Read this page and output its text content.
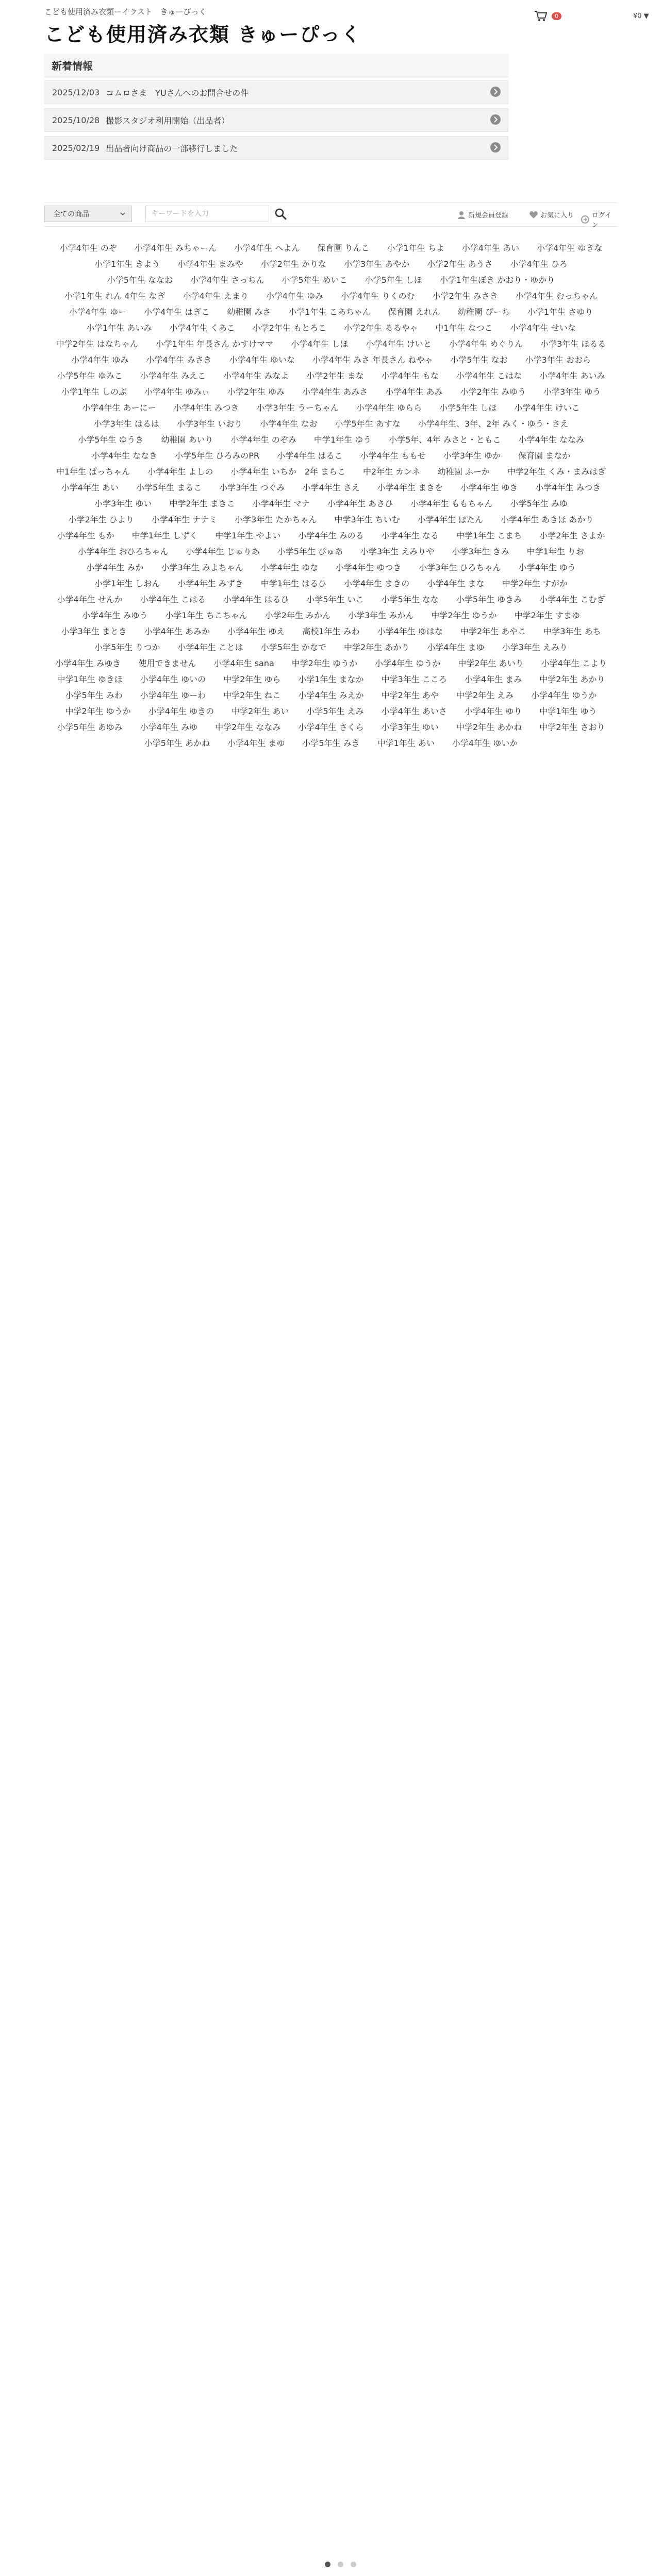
こども使用済み衣類ーイラスト　きゅーびっく
こども使用済み衣類 きゅーぴっく
0	¥0 ▼
新着情報
2025/12/03 コムロさま　YUさんへのお問合せの件
2025/10/28 撮影スタジオ利用開始（出品者）
2025/02/19 出品者向け商品の一部移行しました
全ての商品
キーワードを入力	新規会員登録	お気に入り	ログイン
小学4年生 のぞ	小学4年生 みちゃーん	小学4年生 へよん	保育園 りんこ	小学1年生 ちよ	小学4年生 あい	小学4年生 ゆきな
小学1年生 きよう	小学4年生 まみや	小学2年生 かりな	小学3年生 あやか	小学2年生 あうさ	小学4年生 ひろ
小学5年生 ななお	小学4年生 さっちん	小学5年生 めいこ	小学5年生 しほ	小学1年生ぼき かおり・ゆかり
小学1年生 れん 4年生 なぎ	小学4年生 えまり	小学4年生 ゆみ	小学4年生 りくのむ	小学2年生 みさき	小学4年生 むっちゃん
小学4年生 ゆー	小学4年生 はぎこ	幼稚園 みさ	小学1年生 こあちゃん	保育園 えれん	幼稚園 ぴーち	小学1年生 さゆり
小学1年生 あいみ	小学4年生 くあこ	小学2年生 もとろこ	小学2年生 るるやゃ	中1年生 なつこ	小学4年生 せいな
中学2年生 はなちゃん	小学1年生 年長さん かすけママ	小学4年生 しほ	小学4年生 けいと	小学4年生 めぐりん	小学3年生 ほるる
小学4年生 ゆみ	小学4年生 みさき	小学4年生 ゆいな	小学4年生 みさ 年長さん ねやゃ	小学5年生 なお	小学3年生 おおら
小学5年生 ゆみこ	小学4年生 みえこ	小学4年生 みなよ	小学2年生 まな	小学4年生 もな	小学4年生 こはな	小学4年生 あいみ
小学1年生 しのぶ	小学4年生 ゆみぃ	小学2年生 ゆみ	小学4年生 あみさ	小学4年生 あみ	小学2年生 みゆう	小学3年生 ゆう
小学4年生 あーにー	小学4年生 みつき	小学3年生 うーちゃん	小学4年生 ゆらら	小学5年生 しほ	小学4年生 けいこ
小学3年生 はるは	小学3年生 いおり	小学4年生 なお	小学5年生 あすな	小学4年生、3年、2年 みく・ゆう・さえ
小学5年生 ゆうき	幼稚園 あいり	小学4年生 のぞみ	中学1年生 ゆう	小学5年、4年 みさと・ともこ	小学4年生 ななみ
小学4年生 ななき	小学5年生 ひろみのPR	小学4年生 はるこ	小学4年生 ももせ	小学3年生 ゆか	保育園 まなか
中1年生 ぱっちゃん	小学4年生 よしの	小学4年生 いちか　2年 まらこ	中2年生 カンネ	幼稚園 ふーか	中学2年生 くみ・まみはぎ
小学4年生 あい	小学5年生 まるこ	小学3年生 つぐみ	小学4年生 さえ	小学4年生 まきを	小学4年生 ゆき	小学4年生 みつき
小学3年生 ゆい	中学2年生 まきこ	小学4年生 マナ	小学4年生 あさひ	小学4年生 ももちゃん	小学5年生 みゆ
小学2年生 ひより	小学4年生 ナナミ	小学3年生 たかちゃん	中学3年生 ちいむ	小学4年生 ぽたん	小学4年生 あきほ あかり
小学4年生 もか	中学1年生 しずく	中学1年生 やよい	小学4年生 みのる	小学4年生 なる	中学1年生 こまち	小学2年生 さよか
小学4年生 おひろちゃん	小学4年生 じゅりあ	小学5年生 ぴゅあ	小学3年生 えみりや	小学3年生 きみ	中学1年生 りお
小学4年生 みか	小学3年生 みよちゃん	小学4年生 ゆな	小学4年生 ゆつき	小学3年生 ひろちゃん	小学4年生 ゆう
小学1年生 しおん	小学4年生 みずき	中学1年生 はるひ	小学4年生 まきの	小学4年生 まな	中学2年生 すがか
小学4年生 せんか	小学4年生 こはる	小学4年生 はるひ	小学5年生 いこ	小学5年生 なな	小学5年生 ゆきみ	小学4年生 こむぎ
小学4年生 みゆう	小学1年生 ちこちゃん	小学2年生 みかん	小学3年生 みかん	中学2年生 ゆうか	中学2年生 すまゆ
小学3年生 まとき	小学4年生 あみか	小学4年生 ゆえ	高校1年生 みわ	小学4年生 ゆはな	中学2年生 あやこ	中学3年生 あち
小学5年生 りつか	小学4年生 ことは	小学5年生 かなで	中学2年生 あかり	小学4年生 まゆ	小学3年生 えみり
小学4年生 みゆき	使用できません	小学4年生 sana	中学2年生 ゆうか	小学4年生 ゆうか	中学2年生 あいり	小学4年生 こより
中学1年生 ゆきほ	小学4年生 ゆいの	中学2年生 ゆら	小学1年生 まなか	中学3年生 こころ	小学4年生 まみ	中学2年生 あかり
小学5年生 みわ	小学4年生 ゆーわ	中学2年生 ねこ	小学4年生 みえか	中学2年生 あや	中学2年生 えみ	小学4年生 ゆうか
中学2年生 ゆうか	小学4年生 ゆきの	中学2年生 あい	小学5年生 えみ	小学4年生 あいさ	小学4年生 ゆり	中学1年生 ゆう
小学5年生 あゆみ	小学4年生 みゆ	中学2年生 ななみ	小学4年生 さくら	小学3年生 ゆい	中学2年生 あかね	中学2年生 さおり
小学5年生 あかね	小学4年生 まゆ	小学5年生 みき	中学1年生 あい	小学4年生 ゆいか
